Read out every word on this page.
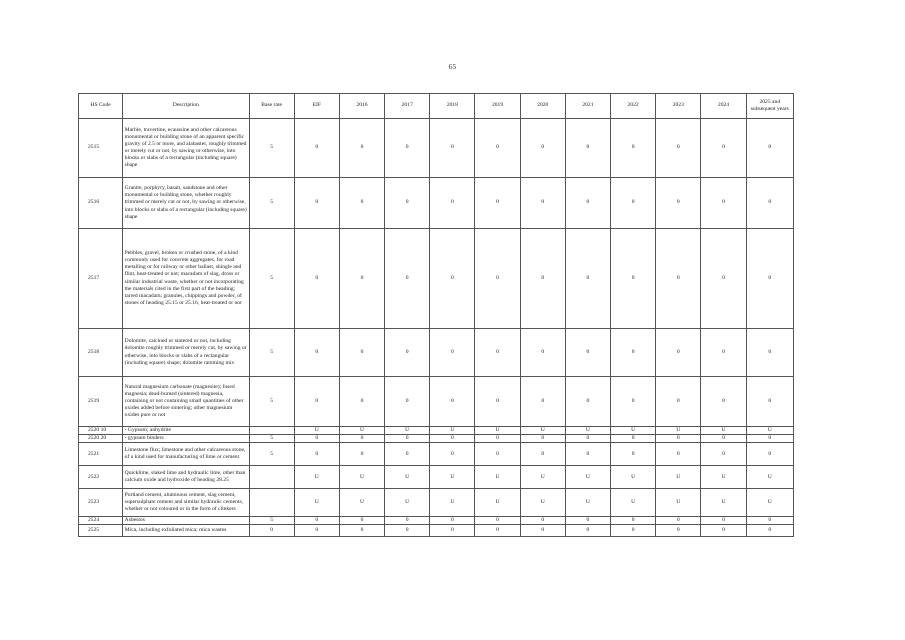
65
HS Code	Description	Base rate	EIF	2016	2017	2018	2019	2020	2021	2022	2023	2024	2025 and subsequent years
2515	Marble, travertine, ecaussine and other calcareous monumental or building stone of an apparent specific gravity of 2.5 or more, and alabaster, roughly trimmed or merely cut or not, by sawing or otherwise, into blocks or slabs of a rectangular (including square) shape	5	0	0	0	0	0	0	0	0	0	0	0
2516	Granite, porphyry, basalt, sandstone and other monumental or building stone, whether roughly trimmed or merely cut or not, by sawing or otherwise, into blocks or slabs of a rectangular (including square) shape	5	0	0	0	0	0	0	0	0	0	0	0
2517	Pebbles, gravel, broken or crushed stone, of a kind commonly used for concrete aggregates, for road metalling or for railway or other ballast, shingle and flint, heat-treated or not; macadam of slag, dross or similar industrial waste, whether or not incorporating the materials cited in the first part of the heading; tarred macadam; granules, chippings and powder, of stones of heading 25.15 or 25.16, heat-treated or not	5	0	0	0	0	0	0	0	0	0	0	0
2518	Dolomite, calcined or sintered or not, including dolomite roughly trimmed or merely cut, by sawing or otherwise, into blocks or slabs of a rectangular (including square) shape; dolomite ramming mix	5	0	0	0	0	0	0	0	0	0	0	0
2519	Natural magnesium carbonate (magnesite); fused magnesia; dead-burned (sintered) magnesia, containing or not containing small quantities of other oxides added before sintering; other magnesium oxides pure or not	5	0	0	0	0	0	0	0	0	0	0	0
2520 10	- Gypsum; anhydrite		U	U	U	U	U	U	U	U	U	U	U
2520 20	- gypsum binders	5	0	0	0	0	0	0	0	0	0	0	0
2521	Limestone flux; limestone and other calcareous stone, of a kind used for manufacturing of lime or cement	5	0	0	0	0	0	0	0	0	0	0	0
2522	Quicklime, slaked lime and hydraulic lime, other than calcium oxide and hydroxide of heading 28.25		U	U	U	U	U	U	U	U	U	U	U
2523	Portland cement, aluminous cement, slag cement, supersulphate cement and similar hydraulic cements, whether or not coloured or in the form of clinkers		U	U	U	U	U	U	U	U	U	U	U
2524	Asbestos	5	0	0	0	0	0	0	0	0	0	0	0
2525	Mica, including exfoliated mica; mica wastes	0	0	0	0	0	0	0	0	0	0	0	0
